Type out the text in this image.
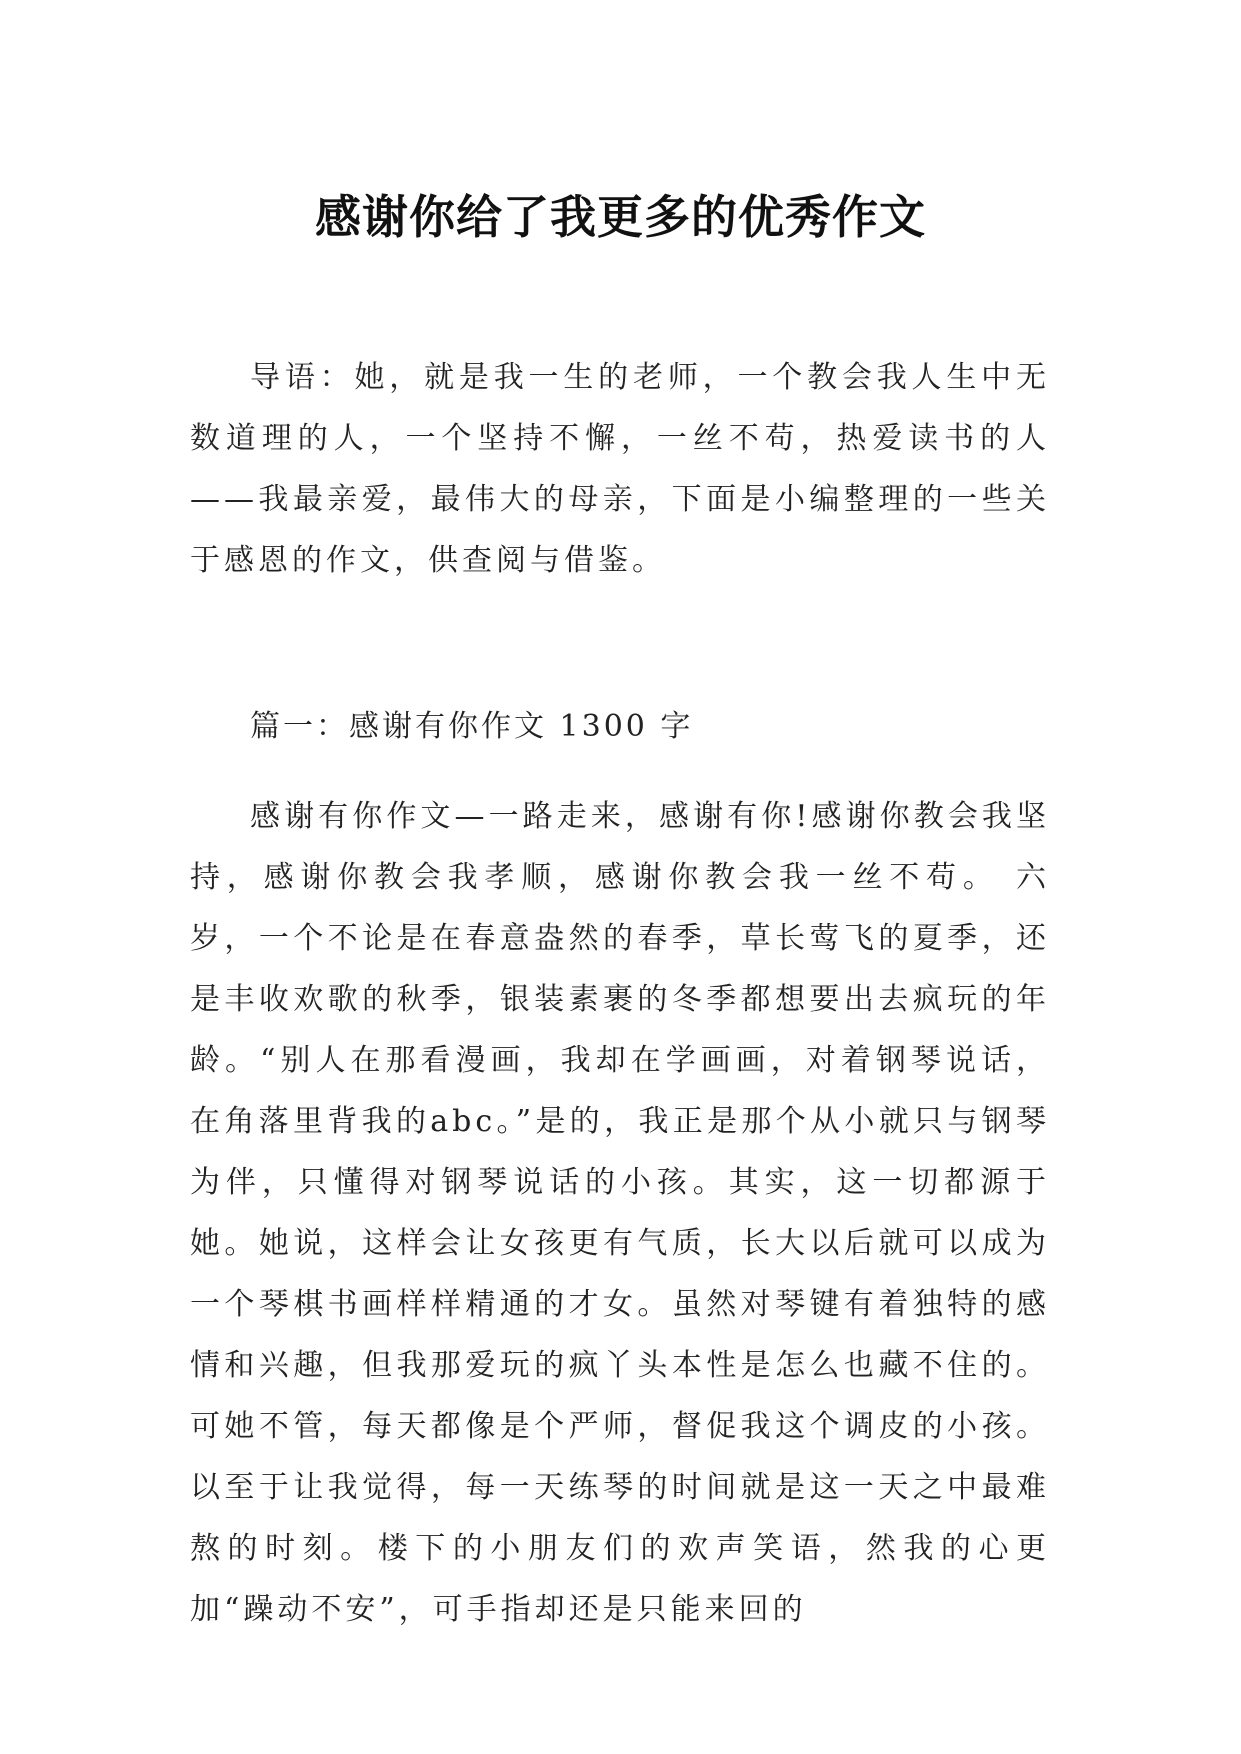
感谢你给了我更多的优秀作文

导语：她，就是我一生的老师，一个教会我人生中无数道理的人，一个坚持不懈，一丝不苟，热爱读书的人——我最亲爱，最伟大的母亲，下面是小编整理的一些关于感恩的作文，供查阅与借鉴。

篇一：感谢有你作文 1300 字

感谢有你作文—一路走来，感谢有你!感谢你教会我坚持，感谢你教会我孝顺，感谢你教会我一丝不苟。 六岁，一个不论是在春意盎然的春季，草长莺飞的夏季，还是丰收欢歌的秋季，银装素裹的冬季都想要出去疯玩的年龄。“别人在那看漫画，我却在学画画，对着钢琴说话，在角落里背我的abc。”是的，我正是那个从小就只与钢琴为伴，只懂得对钢琴说话的小孩。其实，这一切都源于她。她说，这样会让女孩更有气质，长大以后就可以成为一个琴棋书画样样精通的才女。虽然对琴键有着独特的感情和兴趣，但我那爱玩的疯丫头本性是怎么也藏不住的。可她不管，每天都像是个严师，督促我这个调皮的小孩。以至于让我觉得，每一天练琴的时间就是这一天之中最难熬的时刻。楼下的小朋友们的欢声笑语，然我的心更加“躁动不安”，可手指却还是只能来回的
